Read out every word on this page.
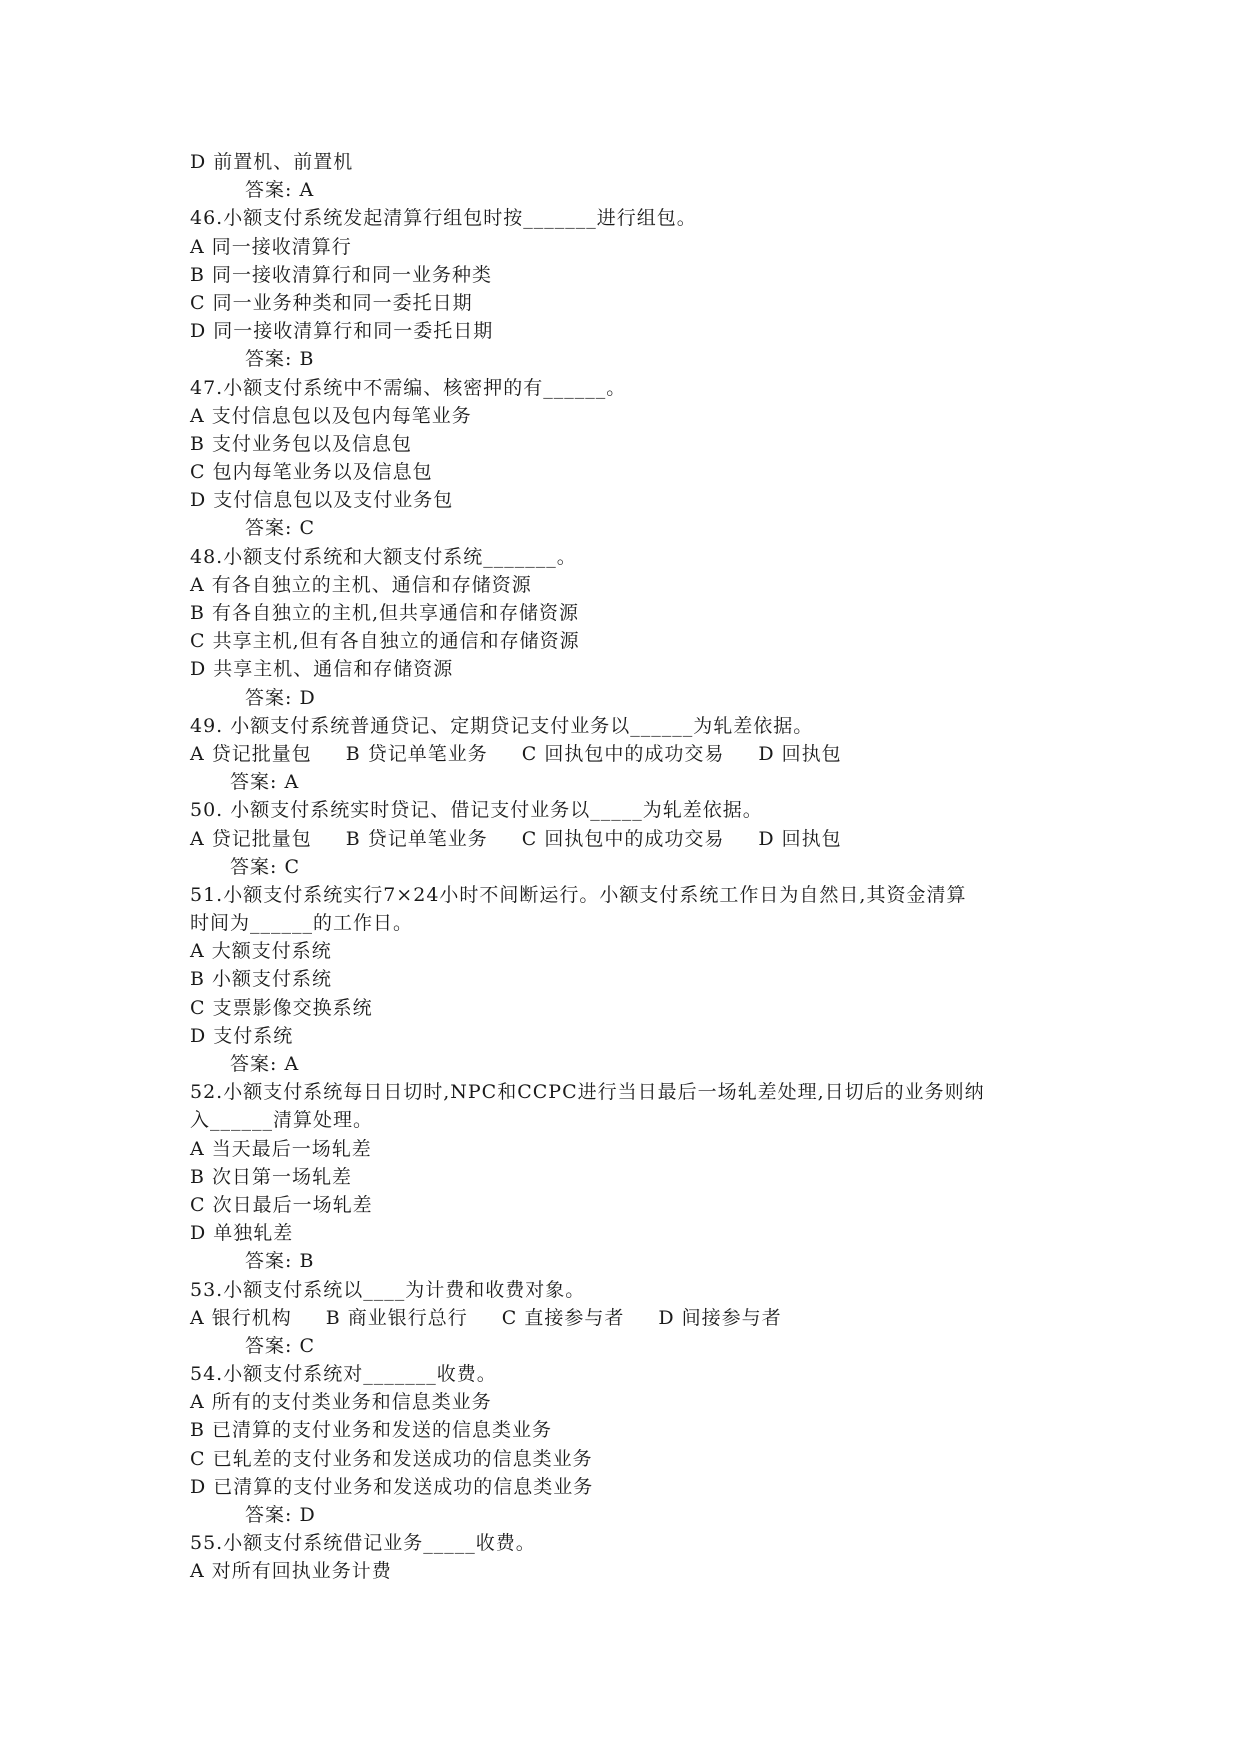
D 前置机、前置机
答案: A
46.小额支付系统发起清算行组包时按_______进行组包。
A 同一接收清算行
B 同一接收清算行和同一业务种类
C 同一业务种类和同一委托日期
D 同一接收清算行和同一委托日期
答案: B
47.小额支付系统中不需编、核密押的有______。
A 支付信息包以及包内每笔业务
B 支付业务包以及信息包
C 包内每笔业务以及信息包
D 支付信息包以及支付业务包
答案: C
48.小额支付系统和大额支付系统_______。
A 有各自独立的主机、通信和存储资源
B 有各自独立的主机,但共享通信和存储资源
C 共享主机,但有各自独立的通信和存储资源
D 共享主机、通信和存储资源
答案: D
49. 小额支付系统普通贷记、定期贷记支付业务以______为轧差依据。
A 贷记批量包 B 贷记单笔业务 C 回执包中的成功交易 D 回执包
答案: A
50. 小额支付系统实时贷记、借记支付业务以_____为轧差依据。
A 贷记批量包 B 贷记单笔业务 C 回执包中的成功交易 D 回执包
答案: C
51.小额支付系统实行7×24小时不间断运行。小额支付系统工作日为自然日,其资金清算
时间为______的工作日。
A 大额支付系统
B 小额支付系统
C 支票影像交换系统
D 支付系统
答案: A
52.小额支付系统每日日切时,NPC和CCPC进行当日最后一场轧差处理,日切后的业务则纳
入______清算处理。
A 当天最后一场轧差
B 次日第一场轧差
C 次日最后一场轧差
D 单独轧差
答案: B
53.小额支付系统以____为计费和收费对象。
A 银行机构 B 商业银行总行 C 直接参与者 D 间接参与者
答案: C
54.小额支付系统对_______收费。
A 所有的支付类业务和信息类业务
B 已清算的支付业务和发送的信息类业务
C 已轧差的支付业务和发送成功的信息类业务
D 已清算的支付业务和发送成功的信息类业务
答案: D
55.小额支付系统借记业务_____收费。
A 对所有回执业务计费
